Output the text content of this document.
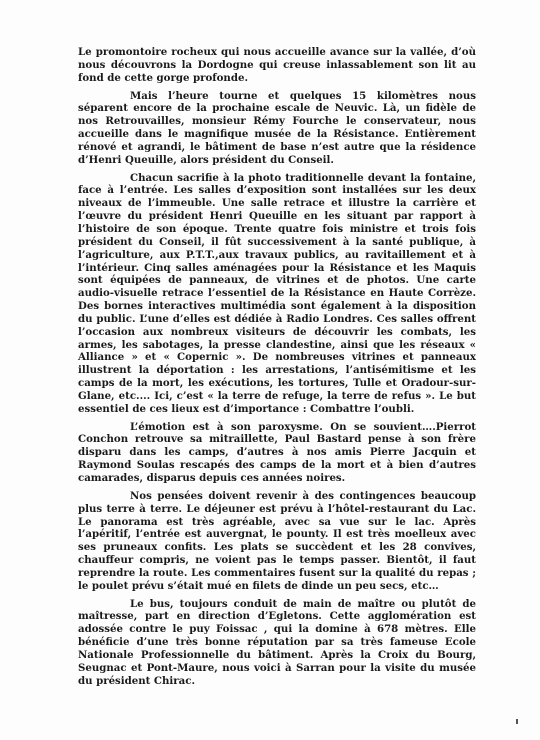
Le promontoire rocheux qui nous accueille avance sur la vallée, d’où nous découvrons la Dordogne qui creuse inlassablement son lit au fond de cette gorge profonde.

Mais l’heure tourne et quelques 15 kilomètres nous séparent encore de la prochaine escale de Neuvic. Là, un fidèle de nos Retrouvailles, monsieur Rémy Fourche le conservateur, nous accueille dans le magnifique musée de la Résistance. Entièrement rénové et agrandi, le bâtiment de base n’est autre que la résidence d’Henri Queuille, alors président du Conseil.

Chacun sacrifie à la photo traditionnelle devant la fontaine, face à l’entrée. Les salles d’exposition sont installées sur les deux niveaux de l’immeuble. Une salle retrace et illustre la carrière et l’œuvre du président Henri Queuille en les situant par rapport à l’histoire de son époque. Trente quatre fois ministre et trois fois président du Conseil, il fût successivement à la santé publique, à l’agriculture, aux P.T.T.,aux travaux publics, au ravitaillement et à l’intérieur. Cinq salles aménagées pour la Résistance et les Maquis sont équipées de panneaux, de vitrines et de photos. Une carte audio-visuelle retrace l’essentiel de la Résistance en Haute Corrèze. Des bornes interactives multimédia sont également à la disposition du public. L’une d’elles est dédiée à Radio Londres. Ces salles offrent l’occasion aux nombreux visiteurs de découvrir les combats, les armes, les sabotages, la presse clandestine, ainsi que les réseaux « Alliance » et « Copernic ». De nombreuses vitrines et panneaux illustrent la déportation : les arrestations, l’antisémitisme et les camps de la mort, les exécutions, les tortures, Tulle et Oradour-sur-Glane, etc.... Ici, c’est « la terre de refuge, la terre de refus ». Le but essentiel de ces lieux est d’importance : Combattre l’oubli.

L’émotion est à son paroxysme. On se souvient….Pierrot Conchon retrouve sa mitraillette, Paul Bastard pense à son frère disparu dans les camps, d’autres à nos amis Pierre Jacquin et Raymond Soulas rescapés des camps de la mort et à bien d’autres camarades, disparus depuis ces années noires.

Nos pensées doivent revenir à des contingences beaucoup plus terre à terre. Le déjeuner est prévu à l’hôtel-restaurant du Lac. Le panorama est très agréable, avec sa vue sur le lac. Après l’apéritif, l’entrée est auvergnat, le pounty. Il est très moelleux avec ses pruneaux confits. Les plats se succèdent et les 28 convives, chauffeur compris, ne voient pas le temps passer. Bientôt, il faut reprendre la route. Les commentaires fusent sur la qualité du repas ; le poulet prévu s’était mué en filets de dinde un peu secs, etc…

Le bus, toujours conduit de main de maître ou plutôt de maîtresse, part en direction d’Egletons. Cette agglomération est adossée contre le puy Foissac , qui la domine à 678 mètres. Elle bénéficie d’une très bonne réputation par sa très fameuse Ecole Nationale Professionnelle du bâtiment. Après la Croix du Bourg, Seugnac et Pont-Maure, nous voici à Sarran pour la visite du musée du président Chirac.
